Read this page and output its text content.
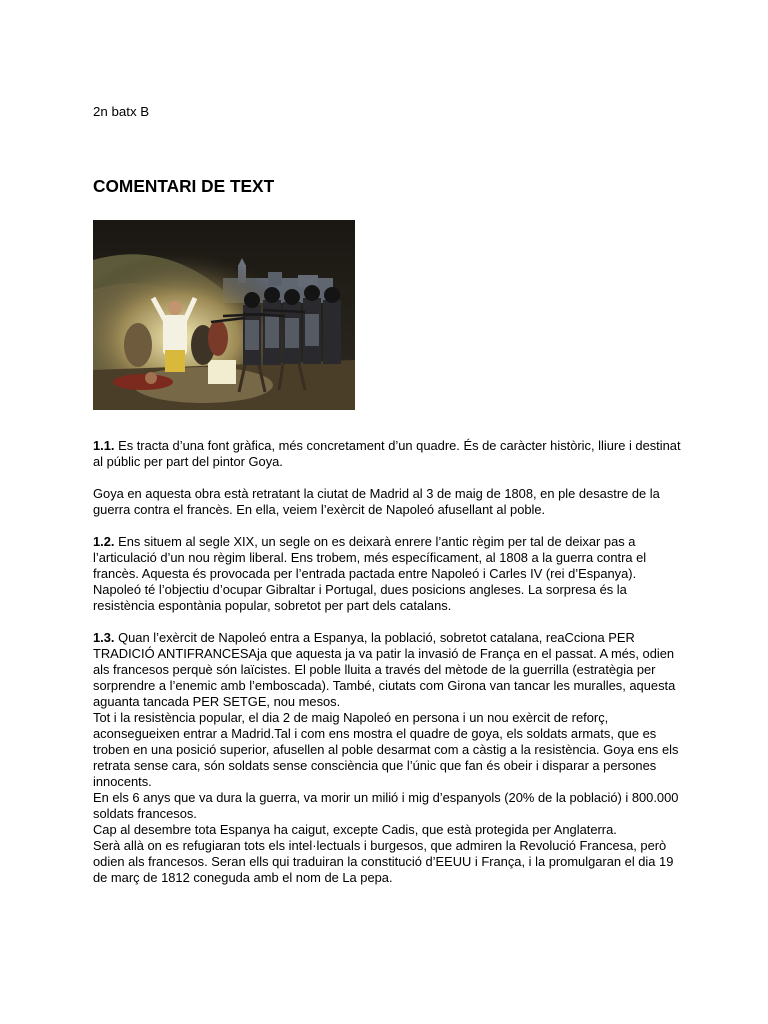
2n batx B

COMENTARI DE TEXT

1.1. Es tracta d’una font gràfica, més concretament d’un quadre. És de caràcter històric, lliure i destinat al públic per part del pintor Goya.

Goya en aquesta obra està retratant la ciutat de Madrid al 3 de maig de 1808, en ple desastre de la guerra contra el francès. En ella, veiem l’exèrcit de Napoleó afusellant al poble.

1.2. Ens situem al segle XIX, un segle on es deixarà enrere l’antic règim per tal de deixar pas a l’articulació d’un nou règim liberal. Ens trobem, més específicament, al 1808 a la guerra contra el francès. Aquesta és provocada per l’entrada pactada entre Napoleó i Carles IV (rei d’Espanya). Napoleó té l’objectiu d’ocupar Gibraltar i Portugal, dues posicions angleses. La sorpresa és la resistència espontània popular, sobretot per part dels catalans.

1.3. Quan l’exèrcit de Napoleó entra a Espanya, la població, sobretot catalana, reaCciona PER TRADICIÓ ANTIFRANCESAja que aquesta ja va patir la invasió de França en el passat. A més, odien als francesos perquè són laïcistes. El poble lluita a través del mètode de la guerrilla (estratègia per sorprendre a l’enemic amb l’emboscada). També, ciutats com Girona van tancar les muralles, aquesta aguanta tancada PER SETGE, nou mesos.

Tot i la resistència popular, el dia 2 de maig Napoleó en persona i un nou exèrcit de reforç, aconsegueixen entrar a Madrid.Tal i com ens mostra el quadre de goya, els soldats armats, que es troben en una posició superior, afusellen al poble desarmat com a càstig a la resistència. Goya ens els retrata sense cara, són soldats sense consciència que l’únic que fan és obeir i disparar a persones innocents.

En els 6 anys que va dura la guerra, va morir un milió i mig d’espanyols (20% de la població) i 800.000 soldats francesos.

Cap al desembre tota Espanya ha caigut, excepte Cadis, que està protegida per Anglaterra.

Serà allà on es refugiaran tots els intel·lectuals i burgesos, que admiren la Revolució Francesa, però odien als francesos. Seran ells qui traduiran la constitució d’EEUU i França, i la promulgaran el dia 19 de març de 1812 coneguda amb el nom de La pepa.
